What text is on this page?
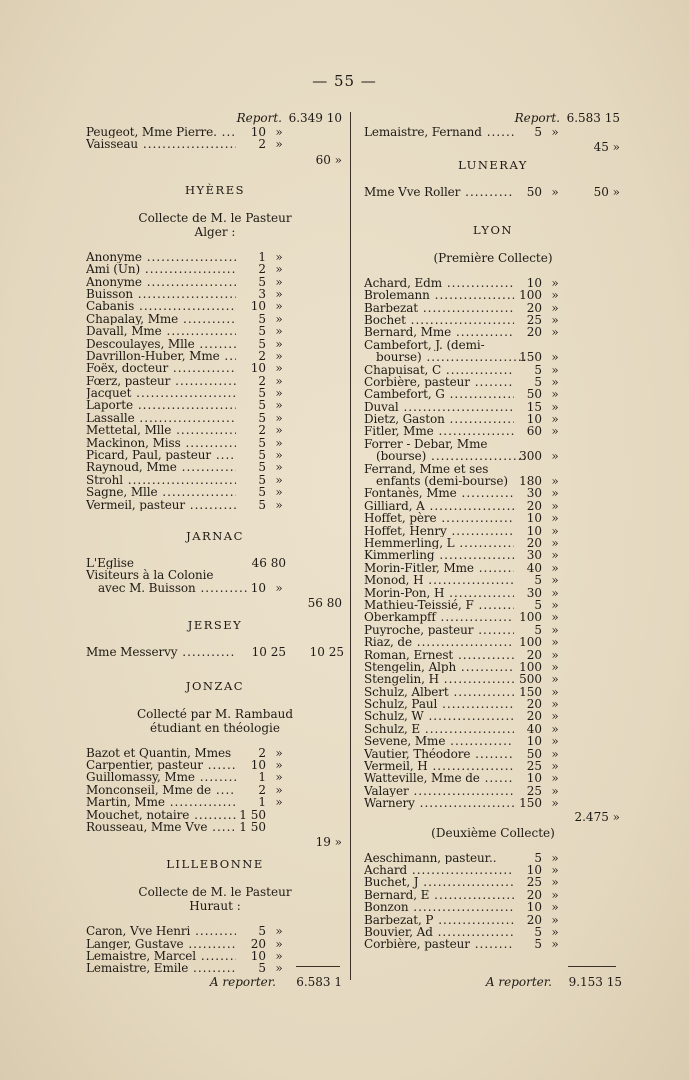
— 55 —
Report. 6.349 10
Peugeot, Mme Pierre. .....	10 »
Vaisseau .....	2 »
60 »
HYÈRES
Collecte de M. le Pasteur
Alger :
Anonyme .....	1 »
Ami (Un) .....	2 »
Anonyme .....	5 »
Buisson .....	3 »
Cabanis .....	10 »
Chapalay, Mme .....	5 »
Davall, Mme .....	5 »
Descoulayes, Mlle .....	5 »
Davrillon-Huber, Mme .....	2 »
Foëx, docteur .....	10 »
Fœrz, pasteur .....	2 »
Jacquet .....	5 »
Laporte .....	5 »
Lassalle .....	5 »
Mettetal, Mlle .....	2 »
Mackinon, Miss .....	5 »
Picard, Paul, pasteur .....	5 »
Raynoud, Mme .....	5 »
Strohl .....	5 »
Sagne, Mlle .....	5 »
Vermeil, pasteur .....	5 »
JARNAC
L'Eglise	46 80
Visiteurs à la Colonie
avec M. Buisson .....	10 »
56 80
JERSEY
Mme Messervy .....	10 25	10 25
JONZAC
Collecté par M. Rambaud
étudiant en théologie
Bazot et Quantin, Mmes .....	2 »
Carpentier, pasteur .....	10 »
Guillomassy, Mme .....	1 »
Monconseil, Mme de .....	2 »
Martin, Mme .....	1 »
Mouchet, notaire .....	1 50
Rousseau, Mme Vve .....	1 50
19 »
LILLEBONNE
Collecte de M. le Pasteur
Huraut :
Caron, Vve Henri .....	5 »
Langer, Gustave .....	20 »
Lemaistre, Marcel .....	10 »
Lemaistre, Emile .....	5 »
Report. 6.583 15
Lemaistre, Fernand .....	5 »
45 »
LUNERAY
Mme Vve Roller .....	50 »	50 »
LYON
(Première Collecte)
Achard, Edm .....	10 »
Brolemann .....	100 »
Barbezat .....	20 »
Bochet .....	25 »
Bernard, Mme .....	20 »
Cambefort, J. (demi-
bourse) .....	150 »
Chapuisat, C .....	5 »
Corbière, pasteur .....	5 »
Cambefort, G .....	50 »
Duval .....	15 »
Dietz, Gaston .....	10 »
Fitler, Mme .....	60 »
Forrer - Debar, Mme
(bourse) .....	300 »
Ferrand, Mme et ses
enfants (demi-bourse) 180 »
Fontanès, Mme .....	30 »
Gilliard, A .....	20 »
Hoffet, père .....	10 »
Hoffet, Henry .....	10 »
Hemmerling, L .....	20 »
Kimmerling .....	30 »
Morin-Fitler, Mme .....	40 »
Monod, H .....	5 »
Morin-Pon, H .....	30 »
Mathieu-Teissié, F .....	5 »
Oberkampff .....	100 »
Puyroche, pasteur .....	5 »
Riaz, de .....	100 »
Roman, Ernest .....	20 »
Stengelin, Alph .....	100 »
Stengelin, H .....	500 »
Schulz, Albert .....	150 »
Schulz, Paul .....	20 »
Schulz, W .....	20 »
Schulz, E .....	40 »
Sevene, Mme .....	10 »
Vautier, Théodore .....	50 »
Vermeil, H .....	25 »
Watteville, Mme de .....	10 »
Valayer .....	25 »
Warnery .....	150 »
2.475 »
(Deuxième Collecte)
Aeschimann, pasteur..	5 »
Achard .....	10 »
Buchet, J .....	25 »
Bernard, E .....	20 »
Bonzon .....	10 »
Barbezat, P .....	20 »
Bouvier, Ad .....	5 »
Corbière, pasteur .....	5 »
A reporter. 6.583 1	A reporter. 9.153 15
